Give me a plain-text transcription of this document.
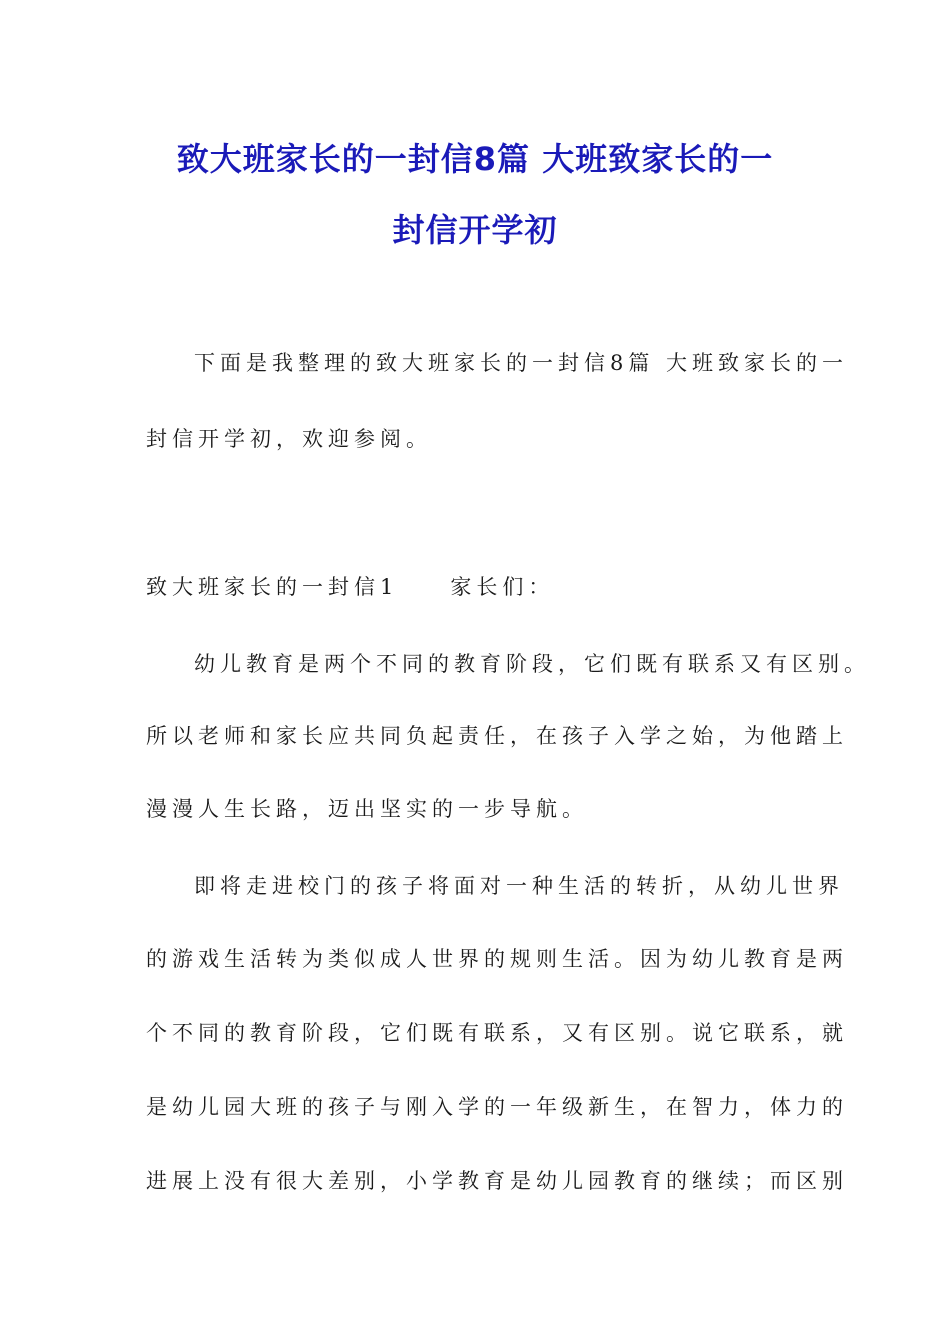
致大班家长的一封信8篇 大班致家长的一
封信开学初
下面是我整理的致大班家长的一封信8篇 大班致家长的一
封信开学初，欢迎参阅。
致大班家长的一封信1　　家长们：
幼儿教育是两个不同的教育阶段，它们既有联系又有区别。
所以老师和家长应共同负起责任，在孩子入学之始，为他踏上
漫漫人生长路，迈出坚实的一步导航。
即将走进校门的孩子将面对一种生活的转折，从幼儿世界
的游戏生活转为类似成人世界的规则生活。因为幼儿教育是两
个不同的教育阶段，它们既有联系，又有区别。说它联系，就
是幼儿园大班的孩子与刚入学的一年级新生，在智力，体力的
进展上没有很大差别，小学教育是幼儿园教育的继续；而区别
